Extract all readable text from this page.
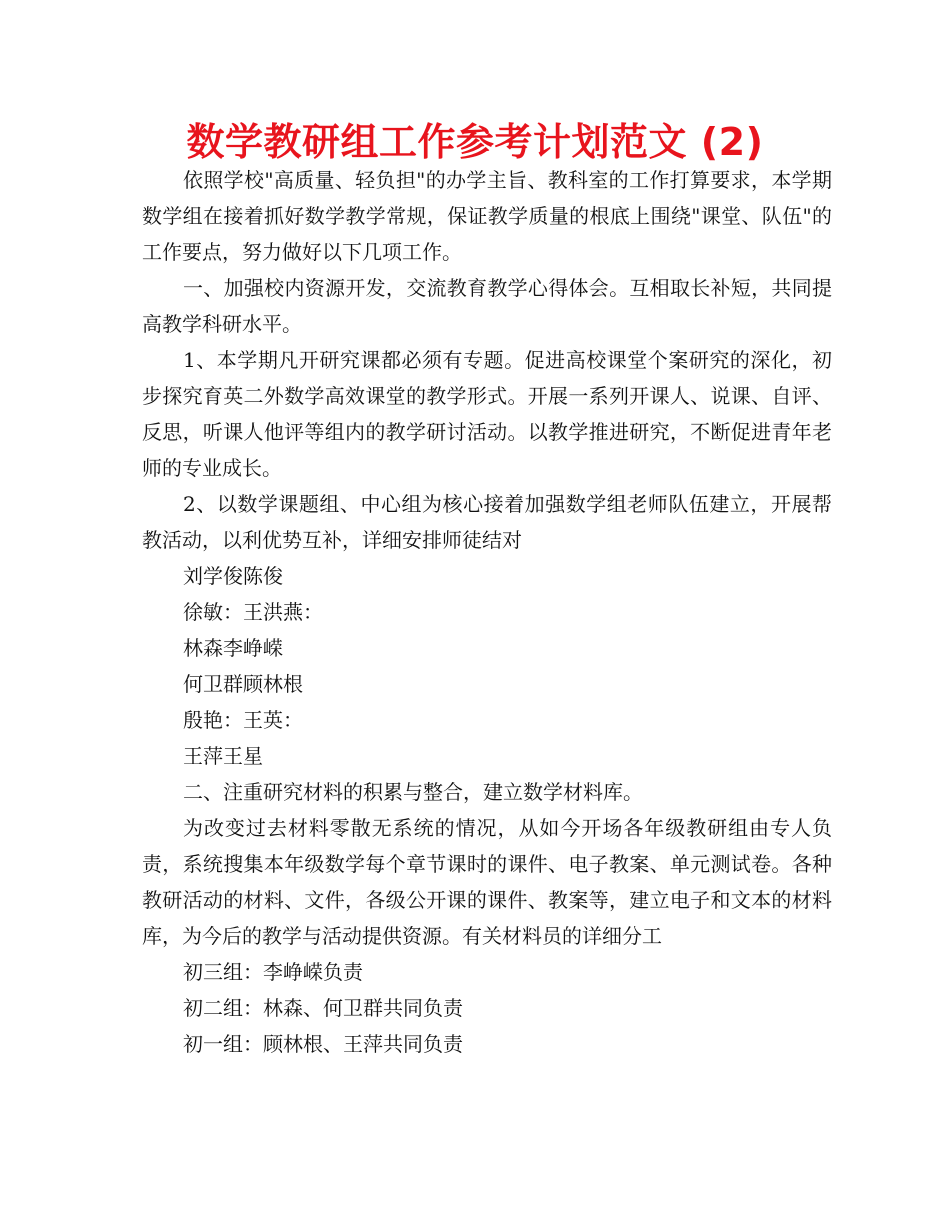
数学教研组工作参考计划范文 (2)

依照学校"高质量、轻负担"的办学主旨、教科室的工作打算要求，本学期数学组在接着抓好数学教学常规，保证教学质量的根底上围绕"课堂、队伍"的工作要点，努力做好以下几项工作。

一、加强校内资源开发，交流教育教学心得体会。互相取长补短，共同提高教学科研水平。

1、本学期凡开研究课都必须有专题。促进高校课堂个案研究的深化，初步探究育英二外数学高效课堂的教学形式。开展一系列开课人、说课、自评、反思，听课人他评等组内的教学研讨活动。以教学推进研究，不断促进青年老师的专业成长。

2、以数学课题组、中心组为核心接着加强数学组老师队伍建立，开展帮教活动，以利优势互补，详细安排师徒结对

刘学俊陈俊

徐敏：王洪燕：

林森李峥嵘

何卫群顾林根

殷艳：王英：

王萍王星

二、注重研究材料的积累与整合，建立数学材料库。

为改变过去材料零散无系统的情况，从如今开场各年级教研组由专人负责，系统搜集本年级数学每个章节课时的课件、电子教案、单元测试卷。各种教研活动的材料、文件，各级公开课的课件、教案等，建立电子和文本的材料库，为今后的教学与活动提供资源。有关材料员的详细分工

初三组：李峥嵘负责

初二组：林森、何卫群共同负责

初一组：顾林根、王萍共同负责
